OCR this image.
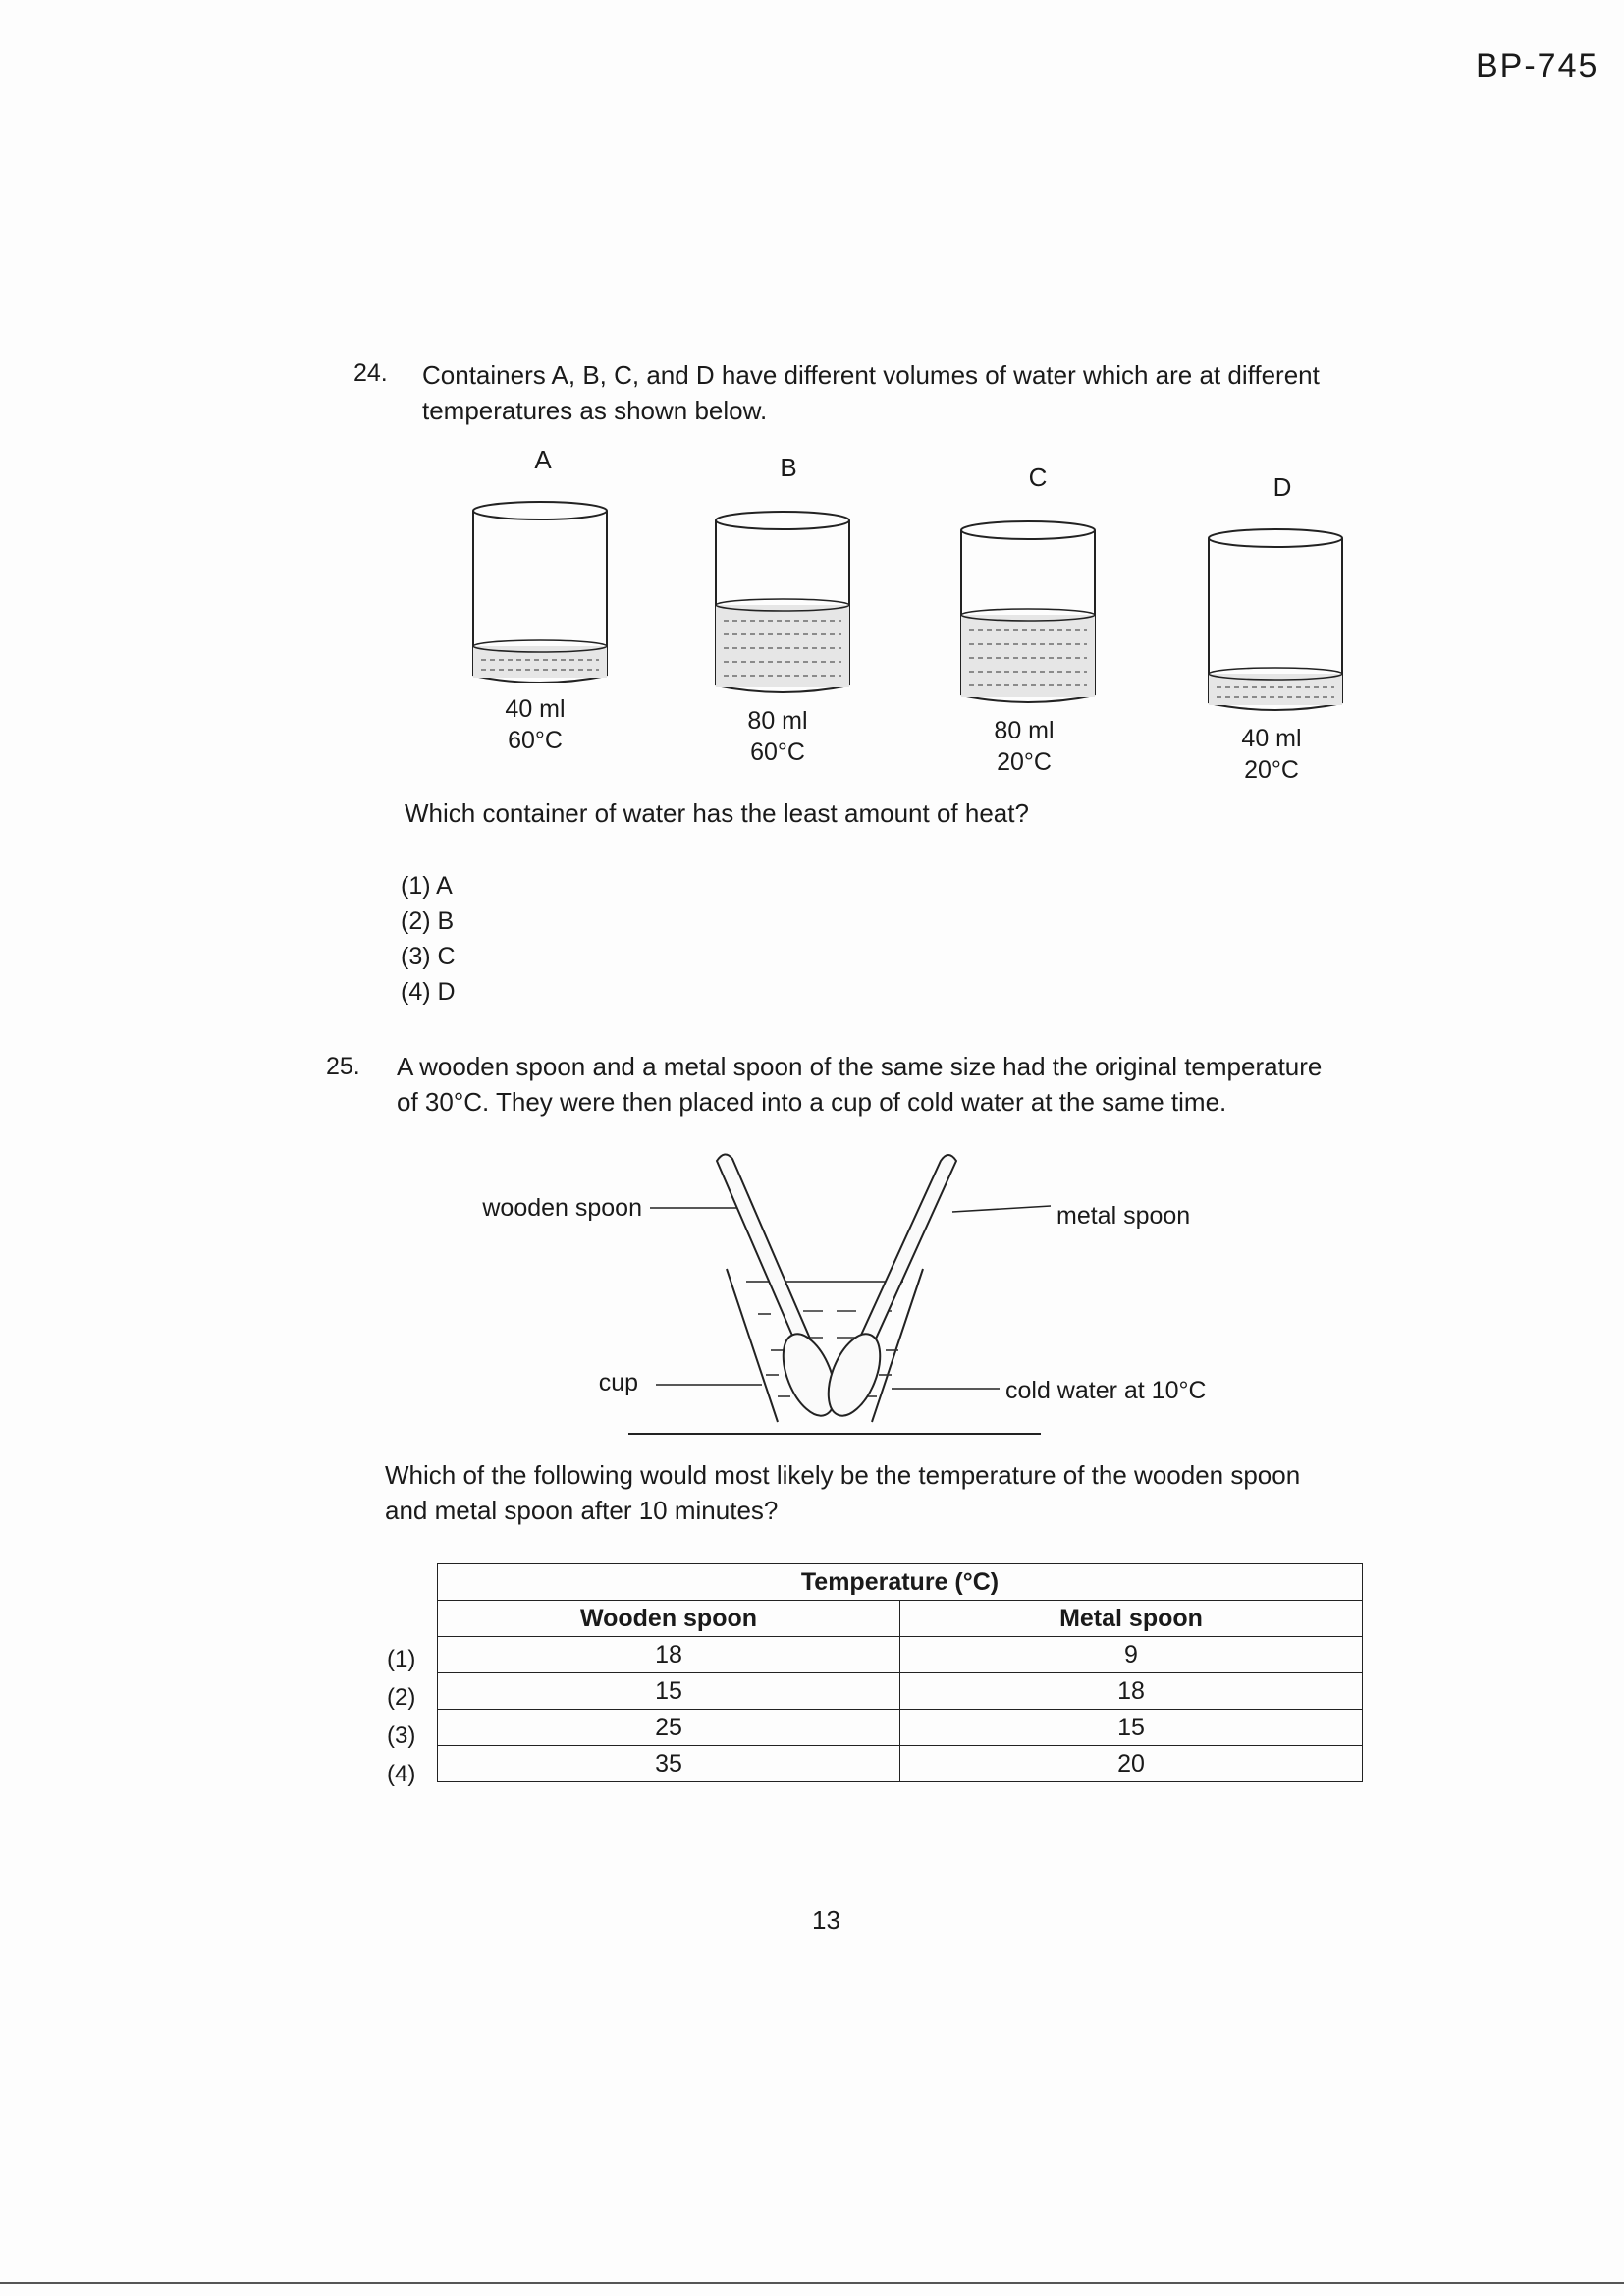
BP-745
24. Containers A, B, C, and D have different volumes of water which are at different
temperatures as shown below.
A
40 ml
60°C
B
80 ml
60°C
C
80 ml
20°C
D
40 ml
20°C
Which container of water has the least amount of heat?
(1) A
(2) B
(3) C
(4) D
25. A wooden spoon and a metal spoon of the same size had the original temperature
of 30°C. They were then placed into a cup of cold water at the same time.
wooden spoon	metal spoon
cup	cold water at 10°C
Which of the following would most likely be the temperature of the wooden spoon
and metal spoon after 10 minutes?
(1)
(2)
(3)
(4)
Temperature (°C)	
Wooden spoon	Metal spoon
18	9
15	18
25	15
35	20
13
